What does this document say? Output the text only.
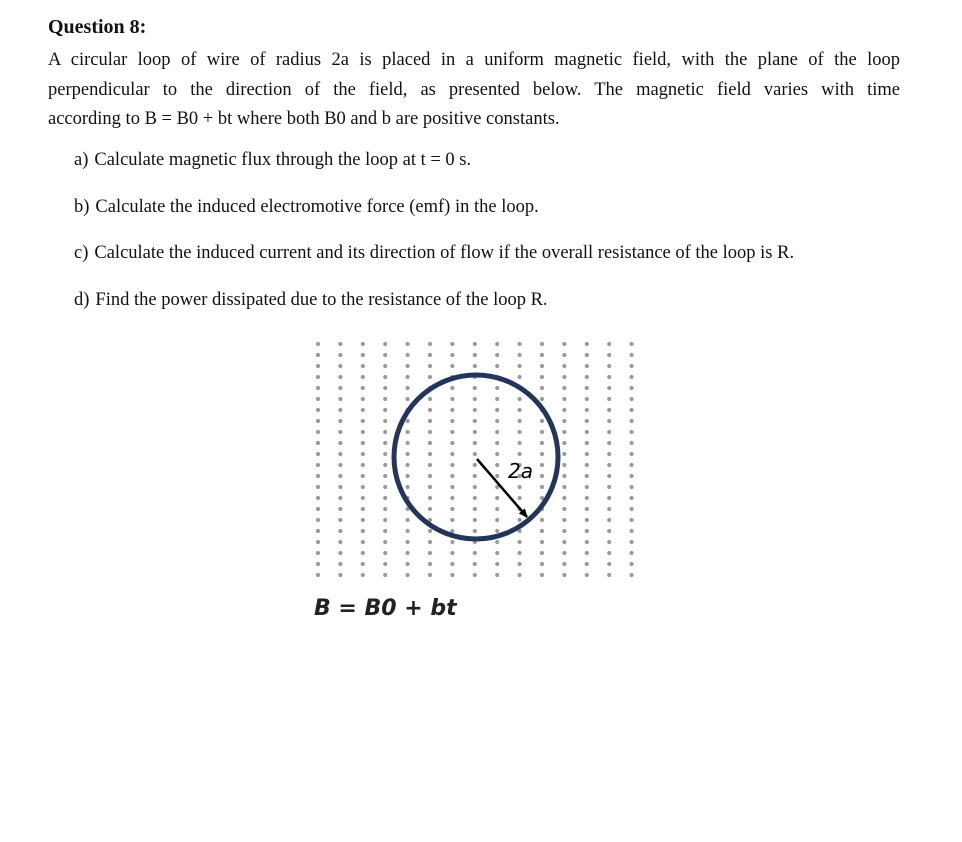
Question 8:
A circular loop of wire of radius 2a is placed in a uniform magnetic field, with the plane of the loop
perpendicular to the direction of the field, as presented below. The magnetic field varies with time
according to B = B0 + bt where both B0 and b are positive constants.
a) Calculate magnetic flux through the loop at t = 0 s.
b) Calculate the induced electromotive force (emf) in the loop.
c) Calculate the induced current and its direction of flow if the overall resistance of the loop is R.
d) Find the power dissipated due to the resistance of the loop R.
2a
B = B0 + bt
